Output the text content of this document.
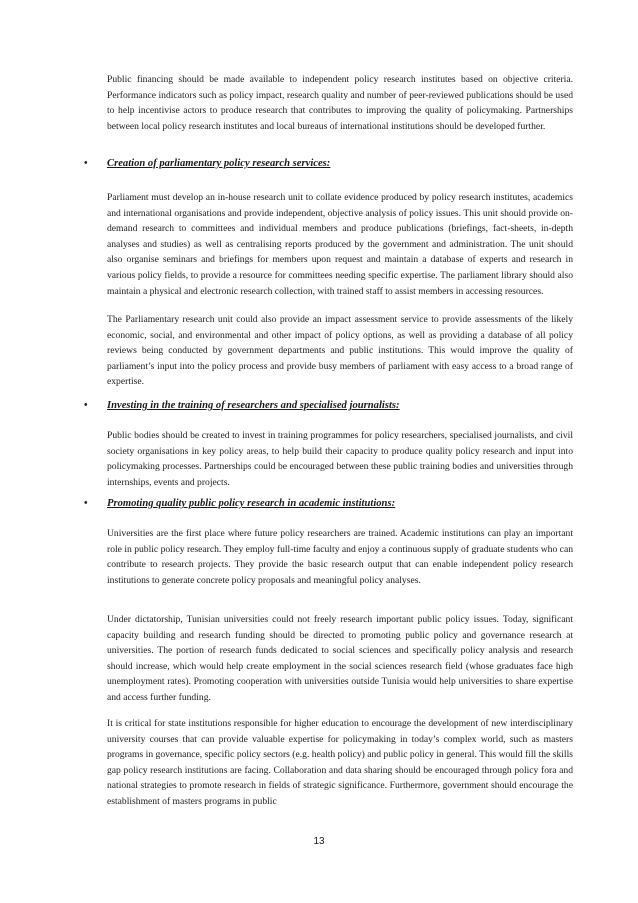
Public financing should be made available to independent policy research institutes based on objective criteria. Performance indicators such as policy impact, research quality and number of peer-reviewed publications should be used to help incentivise actors to produce research that contributes to improving the quality of policymaking. Partnerships between local policy research institutes and local bureaus of international institutions should be developed further.

• Creation of parliamentary policy research services:

Parliament must develop an in-house research unit to collate evidence produced by policy research institutes, academics and international organisations and provide independent, objective analysis of policy issues. This unit should provide on-demand research to committees and individual members and produce publications (briefings, fact-sheets, in-depth analyses and studies) as well as centralising reports produced by the government and administration. The unit should also organise seminars and briefings for members upon request and maintain a database of experts and research in various policy fields, to provide a resource for committees needing specific expertise. The parliament library should also maintain a physical and electronic research collection, with trained staff to assist members in accessing resources.

The Parliamentary research unit could also provide an impact assessment service to provide assessments of the likely economic, social, and environmental and other impact of policy options, as well as providing a database of all policy reviews being conducted by government departments and public institutions. This would improve the quality of parliament’s input into the policy process and provide busy members of parliament with easy access to a broad range of expertise.

• Investing in the training of researchers and specialised journalists:

Public bodies should be created to invest in training programmes for policy researchers, specialised journalists, and civil society organisations in key policy areas, to help build their capacity to produce quality policy research and input into policymaking processes. Partnerships could be encouraged between these public training bodies and universities through internships, events and projects.

• Promoting quality public policy research in academic institutions:

Universities are the first place where future policy researchers are trained. Academic institutions can play an important role in public policy research. They employ full-time faculty and enjoy a continuous supply of graduate students who can contribute to research projects. They provide the basic research output that can enable independent policy research institutions to generate concrete policy proposals and meaningful policy analyses.

Under dictatorship, Tunisian universities could not freely research important public policy issues. Today, significant capacity building and research funding should be directed to promoting public policy and governance research at universities. The portion of research funds dedicated to social sciences and specifically policy analysis and research should increase, which would help create employment in the social sciences research field (whose graduates face high unemployment rates). Promoting cooperation with universities outside Tunisia would help universities to share expertise and access further funding.

It is critical for state institutions responsible for higher education to encourage the development of new interdisciplinary university courses that can provide valuable expertise for policymaking in today’s complex world, such as masters programs in governance, specific policy sectors (e.g. health policy) and public policy in general. This would fill the skills gap policy research institutions are facing. Collaboration and data sharing should be encouraged through policy fora and national strategies to promote research in fields of strategic significance. Furthermore, government should encourage the establishment of masters programs in public

13
